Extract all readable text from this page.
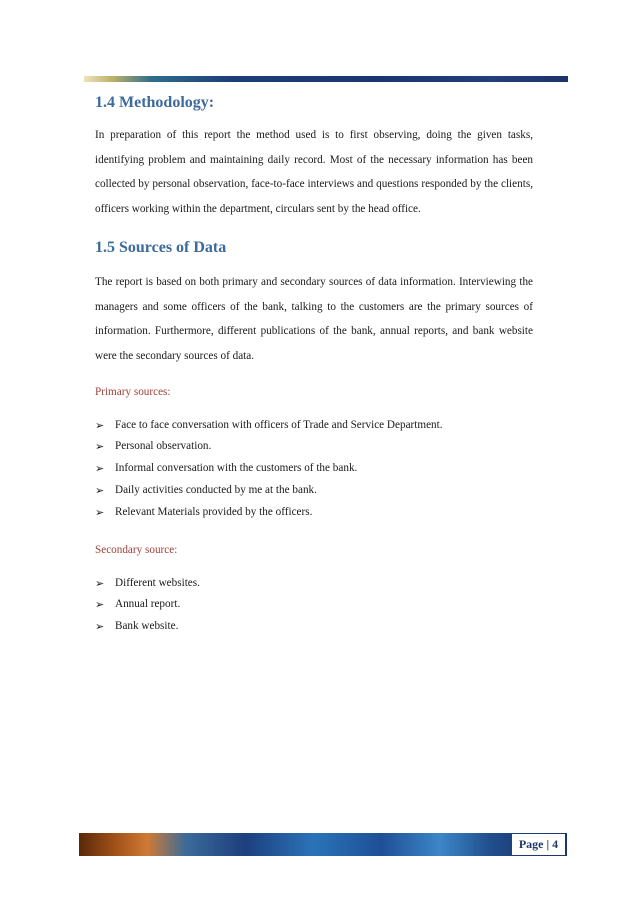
1.4 Methodology:

In preparation of this report the method used is to first observing, doing the given tasks, identifying problem and maintaining daily record. Most of the necessary information has been collected by personal observation, face-to-face interviews and questions responded by the clients, officers working within the department, circulars sent by the head office.

1.5 Sources of Data

The report is based on both primary and secondary sources of data information. Interviewing the managers and some officers of the bank, talking to the customers are the primary sources of information. Furthermore, different publications of the bank, annual reports, and bank website were the secondary sources of data.

Primary sources:

➢ Face to face conversation with officers of Trade and Service Department.
➢ Personal observation.
➢ Informal conversation with the customers of the bank.
➢ Daily activities conducted by me at the bank.
➢ Relevant Materials provided by the officers.

Secondary source:

➢ Different websites.
➢ Annual report.
➢ Bank website.
Page | 4
